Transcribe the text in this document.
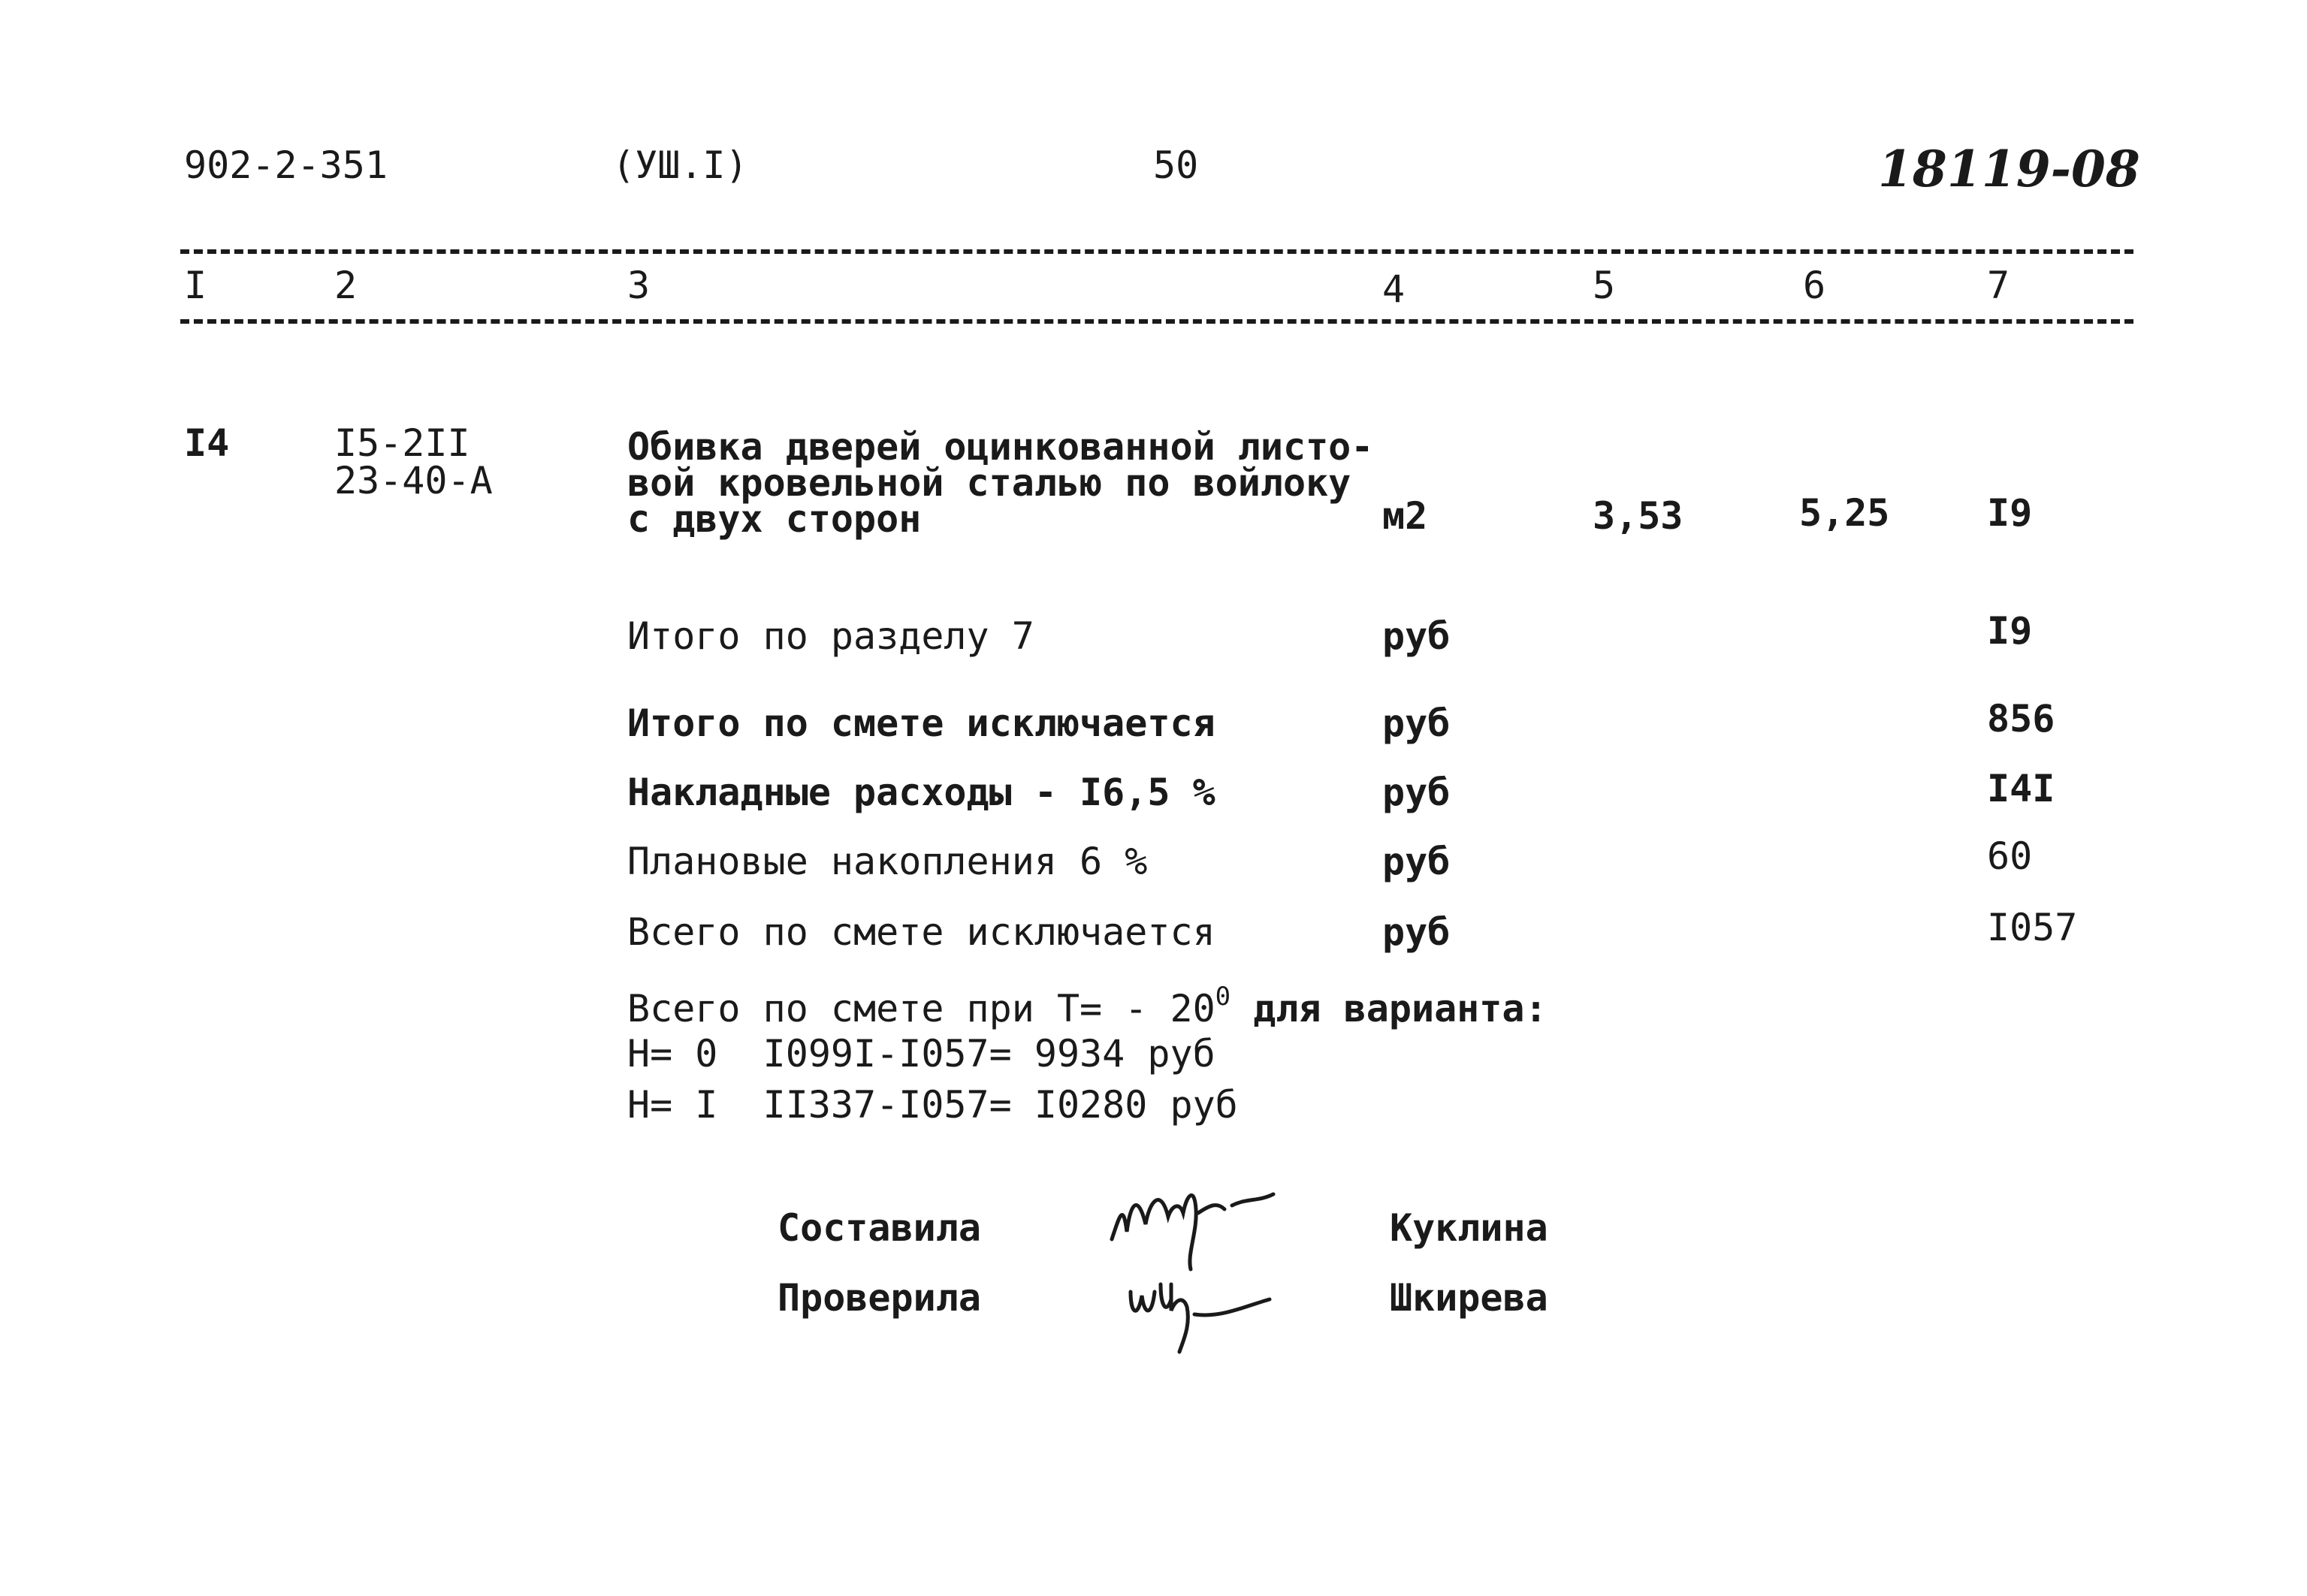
902-2-351	(УШ.I)	50	18119-08
I	2	3	4	5	6	7
I4	I5-2II
23-40-А
Обивка дверей оцинкованной листо-
вой кровельной сталью по войлоку
с двух сторон	м2	3,53	5,25	I9
Итого по разделу 7	руб	I9
Итого по смете исключается	руб	856
Накладные расходы - I6,5 %	руб	I4I
Плановые накопления 6 %	руб	60
Всего по смете исключается	руб	I057
Всего по смете при $Т= - 20^0$ для варианта:
Н= 0  I099I-I057= 9934 руб
Н= I  II337-I057= I0280 руб
Составила	Куклина
Проверила	Шкирева
